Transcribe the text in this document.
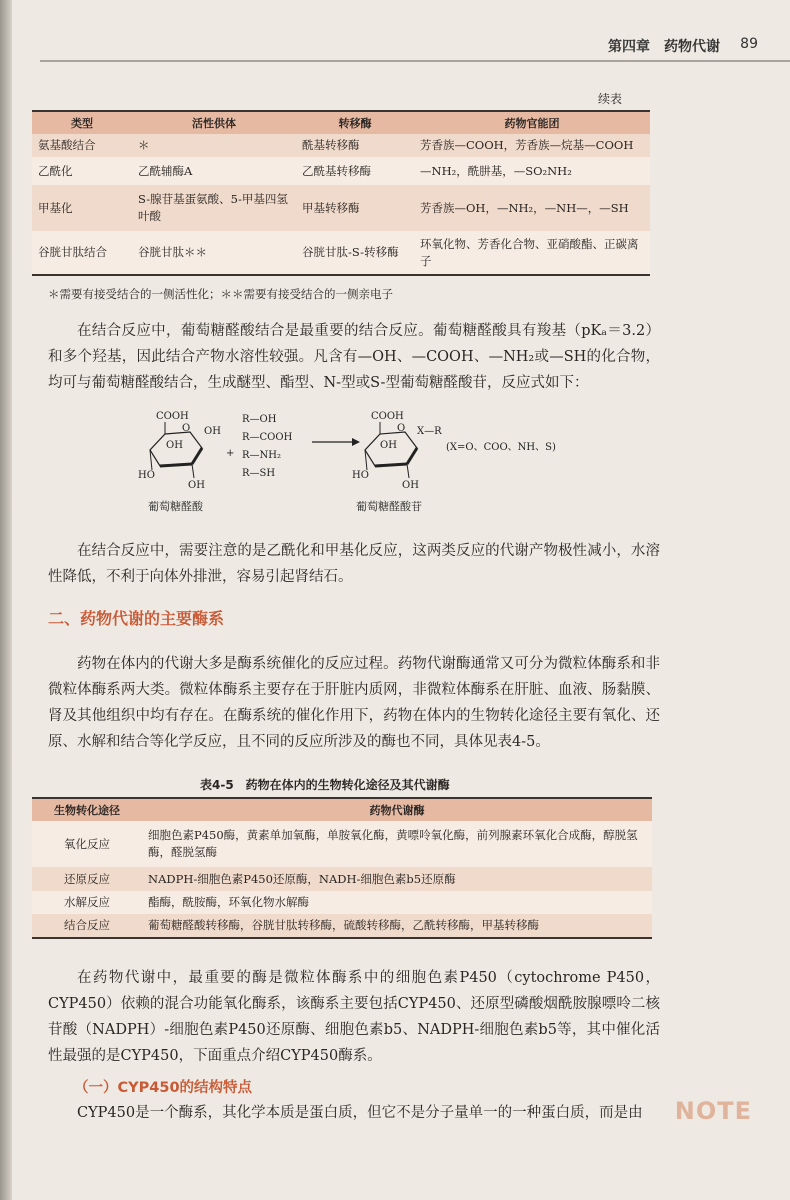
第四章　药物代谢 89
续表
类型	活性供体	转移酶	药物官能团
氨基酸结合	＊	酰基转移酶	芳香族—COOH，芳香族—烷基—COOH
乙酰化	乙酰辅酶A	乙酰基转移酶	—NH₂，酰肼基，—SO₂NH₂
甲基化	S-腺苷基蛋氨酸、5-甲基四氢叶酸	甲基转移酶	芳香族—OH，—NH₂，—NH—，—SH
谷胱甘肽结合	谷胱甘肽＊＊	谷胱甘肽-S-转移酶	环氧化物、芳香化合物、亚硝酸酯、正碳离子
＊需要有接受结合的一侧活性化；＊＊需要有接受结合的一侧亲电子
在结合反应中，葡萄糖醛酸结合是最重要的结合反应。葡萄糖醛酸具有羧基（pKₐ＝3.2）和多个羟基，因此结合产物水溶性较强。凡含有—OH、—COOH、—NH₂或—SH的化合物，均可与葡萄糖醛酸结合，生成醚型、酯型、N-型或S-型葡萄糖醛酸苷，反应式如下：
COOH
O OH
OH
HO
OH
+
R—OH
R—COOH
R—NH₂
R—SH
COOH
O X—R
OH
HO
OH
(X=O、COO、NH、S)
葡萄糖醛酸	葡萄糖醛酸苷
在结合反应中，需要注意的是乙酰化和甲基化反应，这两类反应的代谢产物极性减小，水溶性降低，不利于向体外排泄，容易引起肾结石。
二、药物代谢的主要酶系
药物在体内的代谢大多是酶系统催化的反应过程。药物代谢酶通常又可分为微粒体酶系和非微粒体酶系两大类。微粒体酶系主要存在于肝脏内质网，非微粒体酶系在肝脏、血液、肠黏膜、肾及其他组织中均有存在。在酶系统的催化作用下，药物在体内的生物转化途径主要有氧化、还原、水解和结合等化学反应，且不同的反应所涉及的酶也不同，具体见表4-5。
表4-5　药物在体内的生物转化途径及其代谢酶
生物转化途径	药物代谢酶
氧化反应	细胞色素P450酶，黄素单加氧酶，单胺氧化酶，黄嘌呤氧化酶，前列腺素环氧化合成酶，醇脱氢酶，醛脱氢酶
还原反应	NADPH-细胞色素P450还原酶，NADH-细胞色素b5还原酶
水解反应	酯酶，酰胺酶，环氧化物水解酶
结合反应	葡萄糖醛酸转移酶，谷胱甘肽转移酶，硫酸转移酶，乙酰转移酶，甲基转移酶
在药物代谢中，最重要的酶是微粒体酶系中的细胞色素P450（cytochrome P450，CYP450）依赖的混合功能氧化酶系，该酶系主要包括CYP450、还原型磷酸烟酰胺腺嘌呤二核苷酸（NADPH）-细胞色素P450还原酶、细胞色素b5、NADPH-细胞色素b5等，其中催化活性最强的是CYP450，下面重点介绍CYP450酶系。
（一）CYP450的结构特点
CYP450是一个酶系，其化学本质是蛋白质，但它不是分子量单一的一种蛋白质，而是由	NOTE
